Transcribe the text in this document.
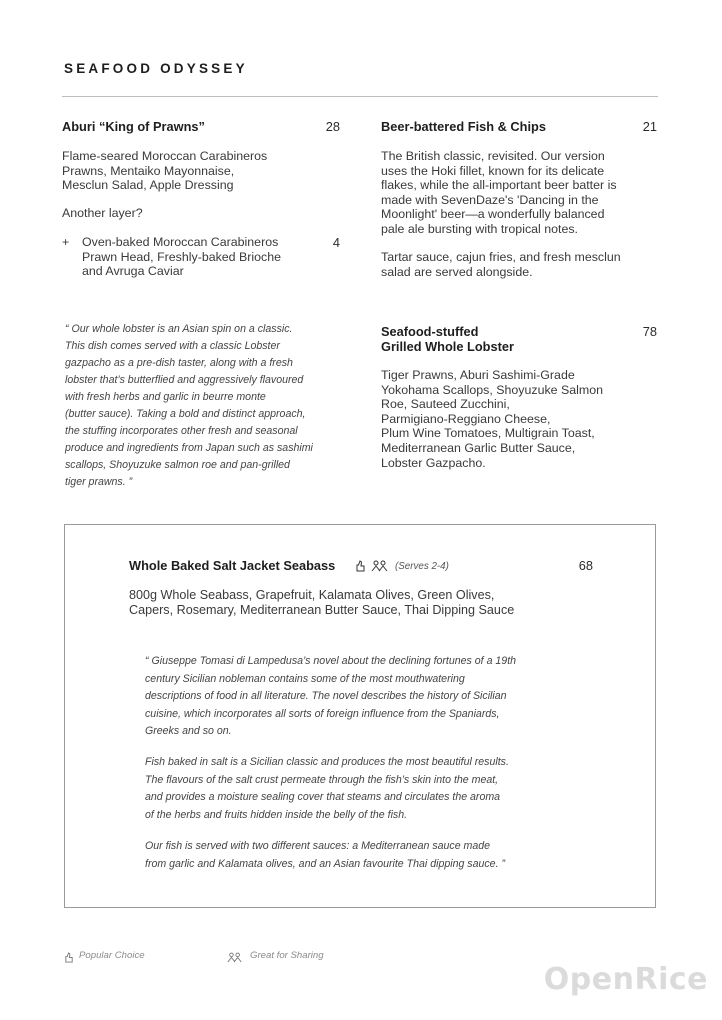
SEAFOOD ODYSSEY
Aburi “King of Prawns”	28
Flame-seared Moroccan Carabineros
Prawns, Mentaiko Mayonnaise,
Mesclun Salad, Apple Dressing
Another layer?
+ Oven-baked Moroccan Carabineros
Prawn Head, Freshly-baked Brioche
and Avruga Caviar
4
Beer-battered Fish & Chips	21
The British classic, revisited. Our version
uses the Hoki fillet, known for its delicate
flakes, while the all-important beer batter is
made with SevenDaze's 'Dancing in the
Moonlight' beer—a wonderfully balanced
pale ale bursting with tropical notes.
Tartar sauce, cajun fries, and fresh mesclun
salad are served alongside.
“ Our whole lobster is an Asian spin on a classic.
This dish comes served with a classic Lobster
gazpacho as a pre-dish taster, along with a fresh
lobster that’s butterflied and aggressively flavoured
with fresh herbs and garlic in beurre monte
(butter sauce). Taking a bold and distinct approach,
the stuffing incorporates other fresh and seasonal
produce and ingredients from Japan such as sashimi
scallops, Shoyuzuke salmon roe and pan-grilled
tiger prawns. ”
Seafood-stuffed
Grilled Whole Lobster
78
Tiger Prawns, Aburi Sashimi-Grade
Yokohama Scallops, Shoyuzuke Salmon
Roe, Sauteed Zucchini,
Parmigiano-Reggiano Cheese,
Plum Wine Tomatoes, Multigrain Toast,
Mediterranean Garlic Butter Sauce,
Lobster Gazpacho.
Whole Baked Salt Jacket Seabass	(Serves 2-4)	68
800g Whole Seabass, Grapefruit, Kalamata Olives, Green Olives,
Capers, Rosemary, Mediterranean Butter Sauce, Thai Dipping Sauce
“ Giuseppe Tomasi di Lampedusa’s novel about the declining fortunes of a 19th
century Sicilian nobleman contains some of the most mouthwatering
descriptions of food in all literature. The novel describes the history of Sicilian
cuisine, which incorporates all sorts of foreign influence from the Spaniards,
Greeks and so on.
Fish baked in salt is a Sicilian classic and produces the most beautiful results.
The flavours of the salt crust permeate through the fish’s skin into the meat,
and provides a moisture sealing cover that steams and circulates the aroma
of the herbs and fruits hidden inside the belly of the fish.
Our fish is served with two different sauces: a Mediterranean sauce made
from garlic and Kalamata olives, and an Asian favourite Thai dipping sauce. ”
Popular Choice	Great for Sharing
OpenRice
